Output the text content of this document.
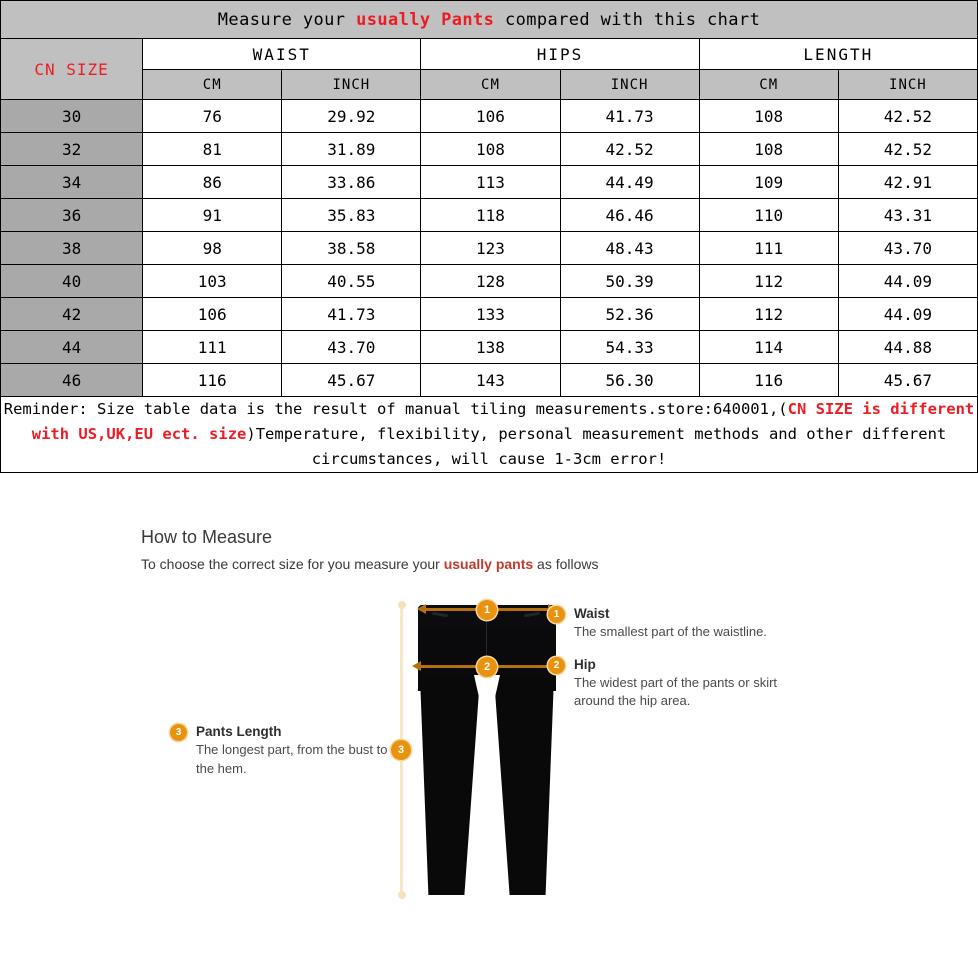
Measure your usually Pants compared with this chart						
CN SIZE	WAIST		HIPS		LENGTH	
	CM	INCH	CM	INCH	CM	INCH
30	76	29.92	106	41.73	108	42.52
32	81	31.89	108	42.52	108	42.52
34	86	33.86	113	44.49	109	42.91
36	91	35.83	118	46.46	110	43.31
38	98	38.58	123	48.43	111	43.70
40	103	40.55	128	50.39	112	44.09
42	106	41.73	133	52.36	112	44.09
44	111	43.70	138	54.33	114	44.88
46	116	45.67	143	56.30	116	45.67
Reminder: Size table data is the result of manual tiling measurements.store:640001,(CN SIZE is different with US,UK,EU ect. size)Temperature, flexibility, personal measurement methods and other different circumstances, will cause 1-3cm error!						
How to Measure
To choose the correct size for you measure your usually pants as follows
1
2
3
1	Waist
The smallest part of the waistline.
2	Hip
The widest part of the pants or skirt around the hip area.
3	Pants Length
The longest part, from the bust to the hem.
